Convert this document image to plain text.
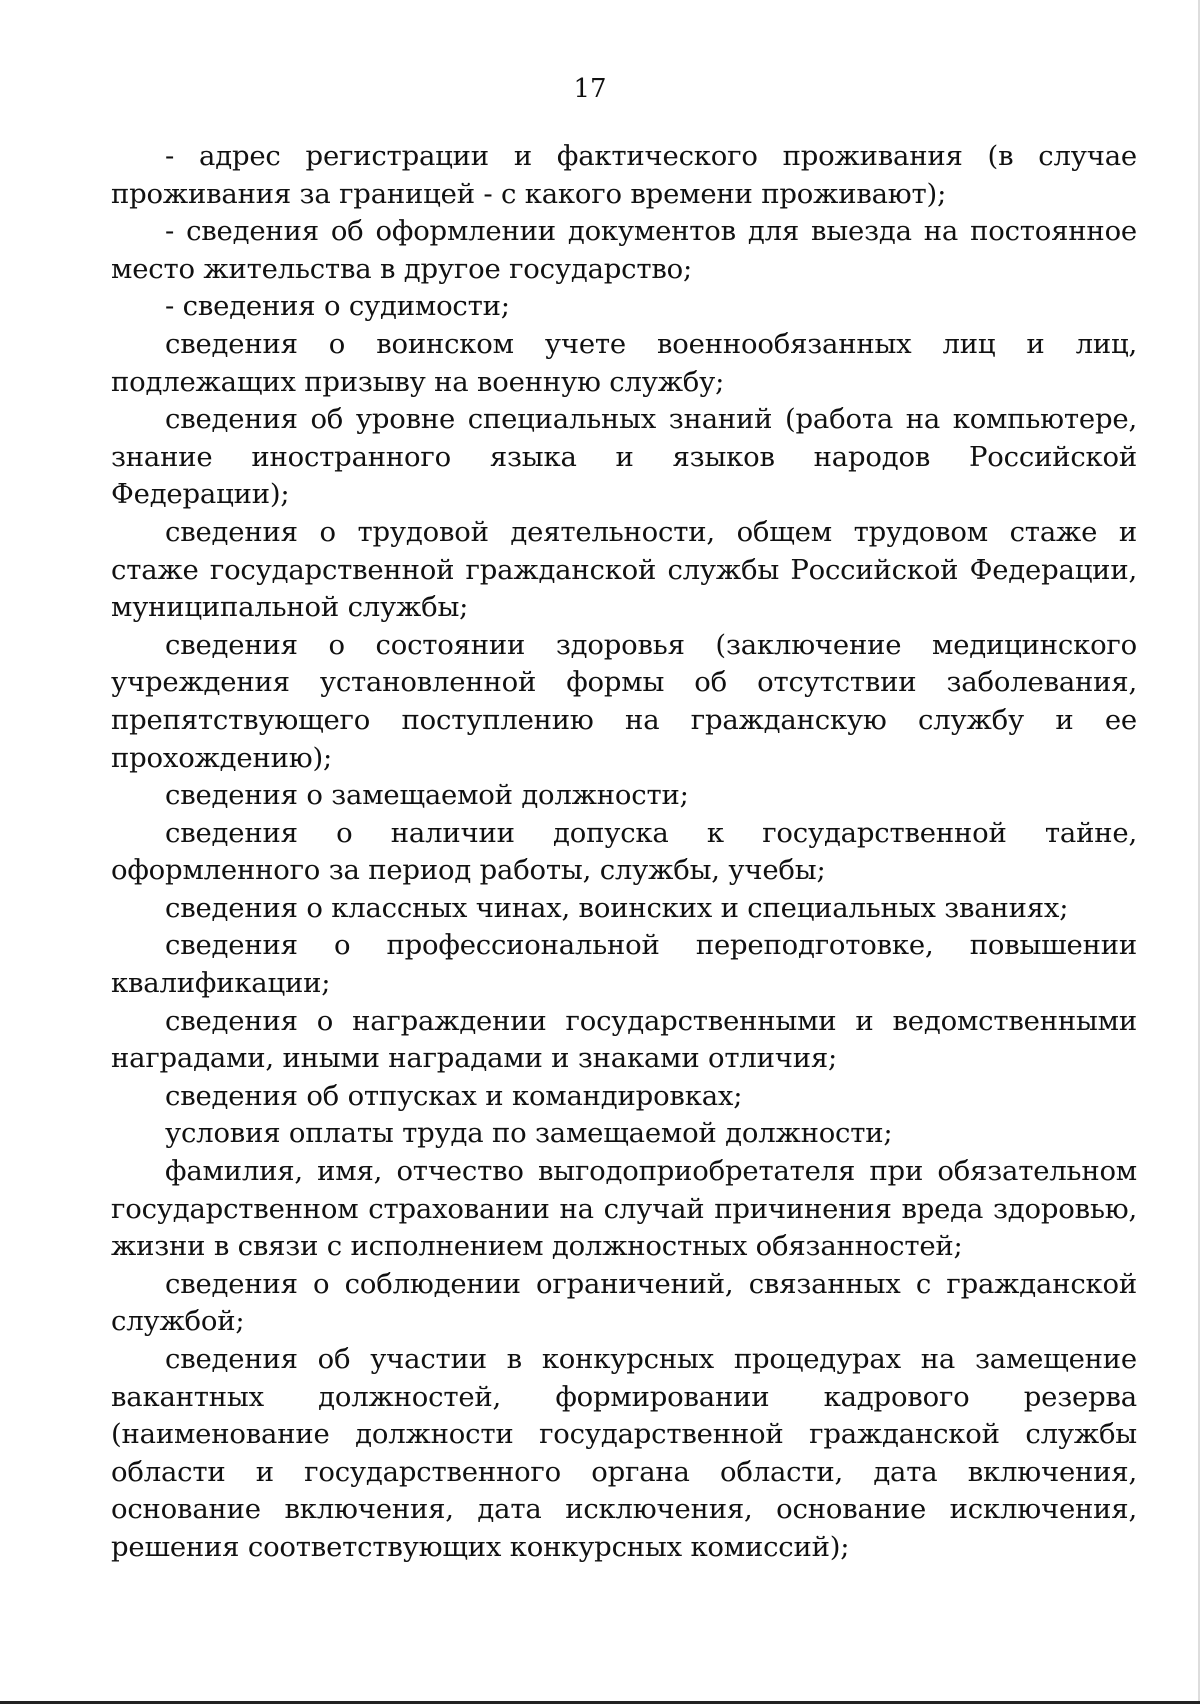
17

- адрес регистрации и фактического проживания (в случае проживания за границей - с какого времени проживают);

- сведения об оформлении документов для выезда на постоянное место жительства в другое государство;

- сведения о судимости;

сведения о воинском учете военнообязанных лиц и лиц, подлежащих призыву на военную службу;

сведения об уровне специальных знаний (работа на компьютере, знание иностранного языка и языков народов Российской Федерации);

сведения о трудовой деятельности, общем трудовом стаже и стаже государственной гражданской службы Российской Федерации, муниципальной службы;

сведения о состоянии здоровья (заключение медицинского учреждения установленной формы об отсутствии заболевания, препятствующего поступлению на гражданскую службу и ее прохождению);

сведения о замещаемой должности;

сведения о наличии допуска к государственной тайне, оформленного за период работы, службы, учебы;

сведения о классных чинах, воинских и специальных званиях;

сведения о профессиональной переподготовке, повышении квалификации;

сведения о награждении государственными и ведомственными наградами, иными наградами и знаками отличия;

сведения об отпусках и командировках;

условия оплаты труда по замещаемой должности;

фамилия, имя, отчество выгодоприобретателя при обязательном государственном страховании на случай причинения вреда здоровью, жизни в связи с исполнением должностных обязанностей;

сведения о соблюдении ограничений, связанных с гражданской службой;

сведения об участии в конкурсных процедурах на замещение вакантных должностей, формировании кадрового резерва (наименование должности государственной гражданской службы области и государственного органа области, дата включения, основание включения, дата исключения, основание исключения, решения соответствующих конкурсных комиссий);
